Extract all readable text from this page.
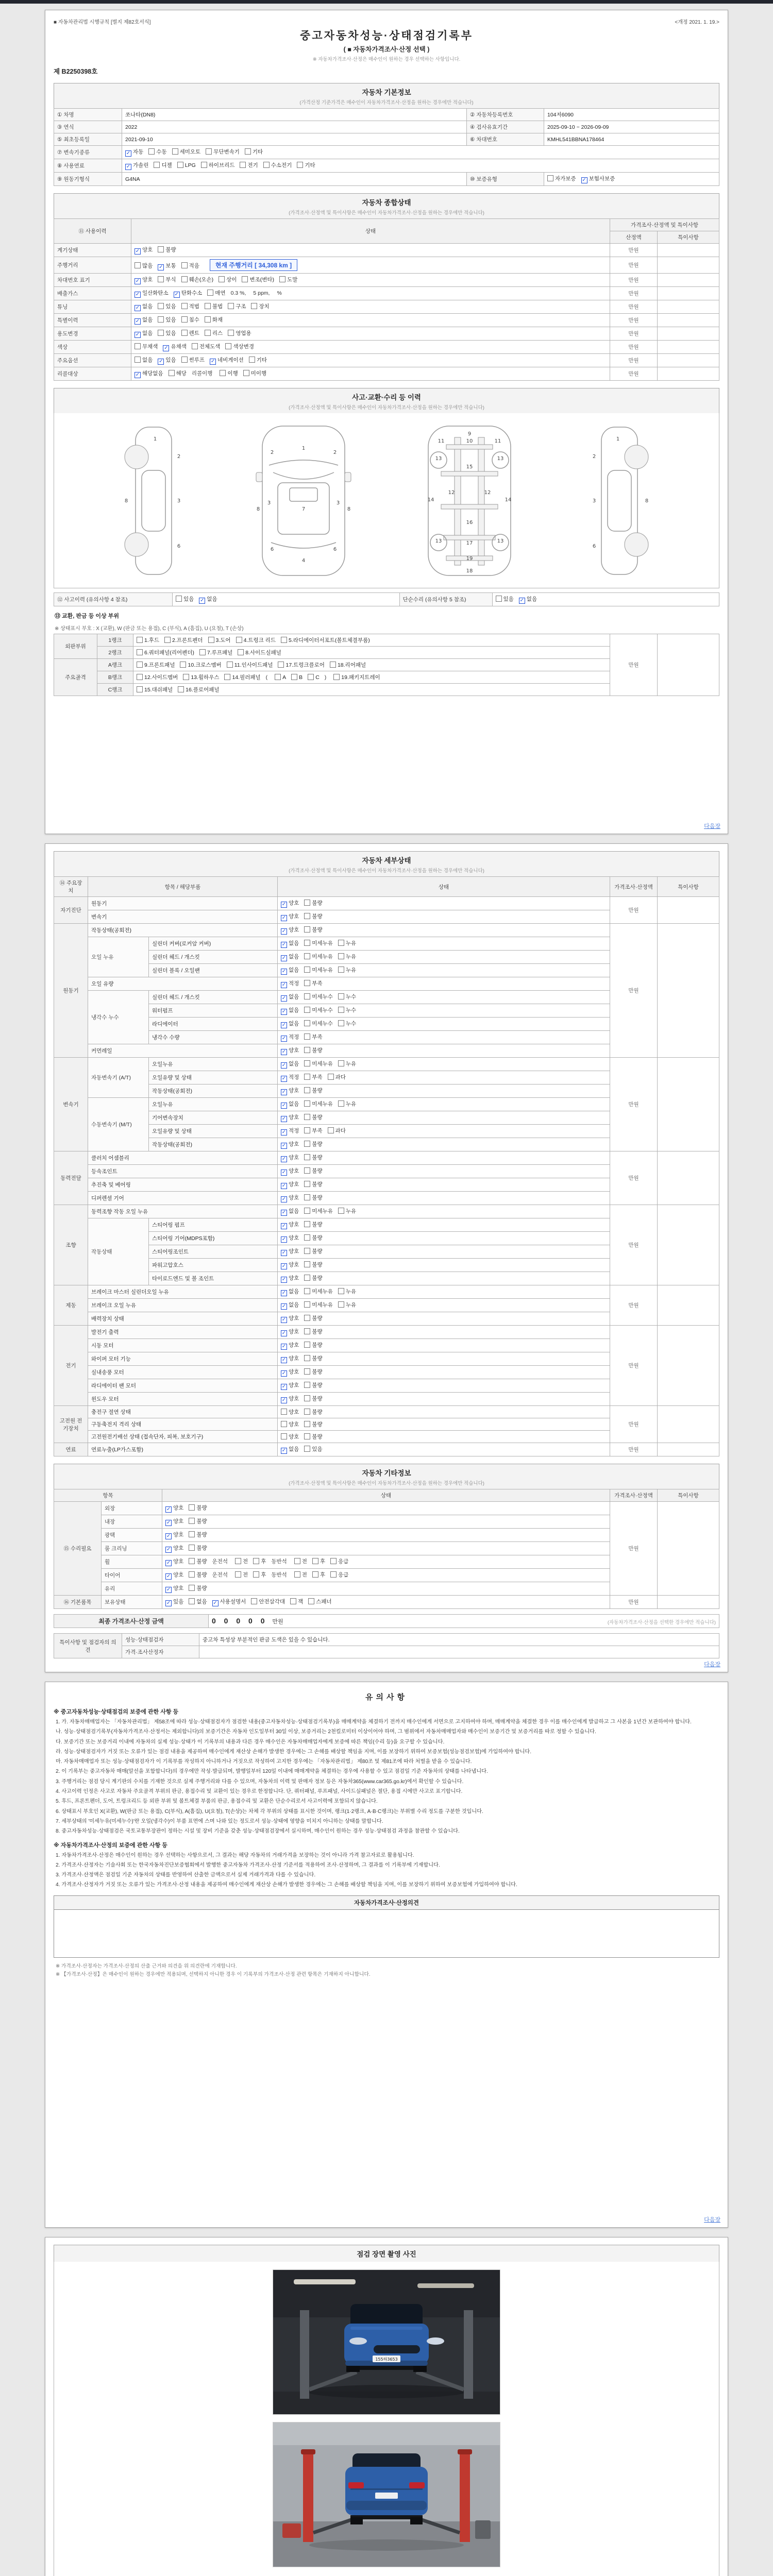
■ 자동차관리법 시행규칙 [별지 제82호서식]	<개정 2021. 1. 19.>
중고자동차성능·상태점검기록부
( ■ 자동차가격조사·산정 선택 )
※ 자동차가격조사·산정은 매수인이 원하는 경우 선택하는 사항입니다.
제 B2250398호
자동차 기본정보
(가격산정 기준가격은 매수인이 자동차가격조사·산정을 원하는 경우에만 적습니다)
① 차명	쏘나타(DN8)	② 자동차등록번호	104저6090
③ 연식	2022	④ 검사유효기간	2025-09-10 ~ 2026-09-09
⑤ 최초등록일	2021-09-10	⑥ 차대번호	KMHL541BBNA178464
⑦ 변속기종류	✓ 자동 수동 세미오토 무단변속기 기타		
⑧ 사용연료	✓ 가솔린 디젤 LPG 하이브리드 전기 수소전기 기타		
⑨ 원동기형식	G4NA	⑩ 보증유형	자가보증 ✓ 보험사보증
자동차 종합상태
(가격조사·산정액 및 특이사항은 매수인이 자동차가격조사·산정을 원하는 경우에만 적습니다)
⑪ 사용이력	상태	가격조사·산정액 및 특이사항	
		산정액	특이사항
계기상태	✓ 양호 불량	만원	
주행거리	많음 ✓ 보통 적음 현재 주행거리 [ 34,308 km ]	만원	
차대번호 표기	✓ 양호 부식 훼손(오손) 상이 변조(변타) 도말	만원	
배출가스	✓ 일산화탄소 ✓ 탄화수소 매연 0.3 %, 5 ppm, %	만원	
튜닝	✓ 없음 있음 적법 불법 구조 장치	만원	
특별이력	✓ 없음 있음 침수 화재	만원	
용도변경	✓ 없음 있음 렌트 리스 영업용	만원	
색상	무채색 ✓ 유채색 전체도색 색상변경	만원	
주요옵션	없음 ✓ 있음 썬루프 ✓ 네비게이션 기타	만원	
리콜대상	✓ 해당없음 해당 리콜이행 이행 미이행	만원	
사고·교환·수리 등 이력
(가격조사·산정액 및 특이사항은 매수인이 자동차가격조사·산정을 원하는 경우에만 적습니다)
1
2
3
6
8
1
2	2
3	3
4
6	6
7
8	8
9
10
11	11
12	12
13	13
13	13
14	14
15
16
17
18
19
1
2
3
6
8
⑫ 사고이력 (유의사항 4 참조)	있음 ✓ 없음	단순수리 (유의사항 5 참조)	있음 ✓ 없음
⑬ 교환, 판금 등 이상 부위
※ 상태표시 부호 : X (교환), W (판금 또는 용접), C (부식), A (흠집), U (요철), T (손상)
외판부위	1랭크	1.후드 2.프론트펜더 3.도어 4.트렁크 리드 5.라디에이터서포트(볼트체결부품)	만원	
	2랭크	6.쿼터패널(리어펜더) 7.루프패널 8.사이드실패널		
주요골격	A랭크	9.프론트패널 10.크로스멤버 11.인사이드패널 17.트렁크플로어 18.리어패널		
	B랭크	12.사이드멤버 13.휠하우스 14.필러패널 ( A B C ) 19.패키지트레이		
	C랭크	15.대쉬패널 16.플로어패널		
다음장
자동차 세부상태
(가격조사·산정액 및 특이사항은 매수인이 자동차가격조사·산정을 원하는 경우에만 적습니다)
⑭ 주요장치	항목 / 해당부품		상태	가격조사·산정액	특이사항
자기진단	원동기		✓ 양호 불량	만원	
	변속기		✓ 양호 불량		
원동기	작동상태(공회전)		✓ 양호 불량	만원	
	오일 누유	실린더 커버(로커암 커버)	✓ 없음 미세누유 누유		
		실린더 헤드 / 개스킷	✓ 없음 미세누유 누유		
		실린더 블록 / 오일팬	✓ 없음 미세누유 누유		
	오일 유량		✓ 적정 부족		
	냉각수 누수	실린더 헤드 / 개스킷	✓ 없음 미세누수 누수		
		워터펌프	✓ 없음 미세누수 누수		
		라디에이터	✓ 없음 미세누수 누수		
		냉각수 수량	✓ 적정 부족		
	커먼레일		✓ 양호 불량		
변속기	자동변속기 (A/T)	오일누유	✓ 없음 미세누유 누유	만원	
		오일유량 및 상태	✓ 적정 부족 과다		
		작동상태(공회전)	✓ 양호 불량		
	수동변속기 (M/T)	오일누유	✓ 없음 미세누유 누유		
		기어변속장치	✓ 양호 불량		
		오일유량 및 상태	✓ 적정 부족 과다		
		작동상태(공회전)	✓ 양호 불량		
동력전달	클러치 어셈블리		✓ 양호 불량	만원	
	등속조인트		✓ 양호 불량		
	추진축 및 베어링		✓ 양호 불량		
	디퍼렌셜 기어		✓ 양호 불량		
조향	동력조향 작동 오일 누유		✓ 없음 미세누유 누유	만원	
	작동상태	스티어링 펌프	✓ 양호 불량		
		스티어링 기어(MDPS포함)	✓ 양호 불량		
		스티어링조인트	✓ 양호 불량		
		파워고압호스	✓ 양호 불량		
		타이로드엔드 및 볼 조인트	✓ 양호 불량		
제동	브레이크 마스터 실린더오일 누유		✓ 없음 미세누유 누유	만원	
	브레이크 오일 누유		✓ 없음 미세누유 누유		
	배력장치 상태		✓ 양호 불량		
전기	발전기 출력		✓ 양호 불량	만원	
	시동 모터		✓ 양호 불량		
	와이퍼 모터 기능		✓ 양호 불량		
	실내송풍 모터		✓ 양호 불량		
	라디에이터 팬 모터		✓ 양호 불량		
	윈도우 모터		✓ 양호 불량		
고전원 전기장치	충전구 절연 상태		양호 불량	만원	
	구동축전지 격리 상태		양호 불량		
	고전원전기배선 상태 (접속단자, 피복, 보호기구)		양호 불량		
연료	연료누출(LP가스포함)		✓ 없음 있음	만원	
자동차 기타정보
(가격조사·산정액 및 특이사항은 매수인이 자동차가격조사·산정을 원하는 경우에만 적습니다)
항목		상태	가격조사·산정액	특이사항
⑮ 수리필요	외장	✓ 양호 불량	만원	
	내장	✓ 양호 불량		
	광택	✓ 양호 불량		
	룸 크리닝	✓ 양호 불량		
	휠	✓ 양호 불량 운전석 전 후 동반석 전 후 응급		
	타이어	✓ 양호 불량 운전석 전 후 동반석 전 후 응급		
	유리	✓ 양호 불량		
⑯ 기본품목	보유상태	✓ 있음 없음 ✓ 사용설명서 안전삼각대 잭 스패너	만원	
최종 가격조사·산정 금액	0 0 0 0 0 만원	(자동차가격조사·산정을 선택한 경우에만 적습니다)
특이사항 및 점검자의 의견	성능·상태점검자	중고차 특성상 부분적인 판금 도색은 있을 수 있습니다.
	가격·조사산정자	
다음장
유의사항
※ 중고자동차성능·상태점검의 보증에 관한 사항 등

1. 가. 자동차매매업자는 「자동차관리법」 제58조에 따라 성능·상태점검자가 점검한 내용(중고자동차성능·상태점검기록부)을 매매계약을 체결하기 전까지 매수인에게 서면으로 고지하여야 하며, 매매계약을 체결한 경우 이를 매수인에게 발급하고 그 사본을 1년간 보관하여야 합니다.

나. 성능·상태점검기록부(자동차가격조사·산정서는 제외합니다)의 보증기간은 자동차 인도일부터 30일 이상, 보증거리는 2천킬로미터 이상이어야 하며, 그 범위에서 자동차매매업자와 매수인이 보증기간 및 보증거리를 따로 정할 수 있습니다.

다. 보증기간 또는 보증거리 이내에 자동차의 실제 성능·상태가 이 기록부의 내용과 다른 경우 매수인은 자동차매매업자에게 보증에 따른 책임(수리 등)을 요구할 수 있습니다.

라. 성능·상태점검자가 거짓 또는 오류가 있는 점검 내용을 제공하여 매수인에게 재산상 손해가 발생한 경우에는 그 손해를 배상할 책임을 지며, 이를 보장하기 위하여 보증보험(성능점검보험)에 가입하여야 합니다.

마. 자동차매매업자 또는 성능·상태점검자가 이 기록부를 작성하지 아니하거나 거짓으로 작성하여 고지한 경우에는 「자동차관리법」 제80조 및 제81조에 따라 처벌을 받을 수 있습니다.

2. 이 기록부는 중고자동차 매매(알선을 포함합니다)의 경우에만 작성·발급되며, 발행일부터 120일 이내에 매매계약을 체결하는 경우에 사용할 수 있고 점검일 기준 자동차의 상태를 나타냅니다.

3. 주행거리는 점검 당시 계기판의 수치를 기재한 것으로 실제 주행거리와 다를 수 있으며, 자동차의 이력 및 판매자 정보 등은 자동차365(www.car365.go.kr)에서 확인할 수 있습니다.

4. 사고이력 인정은 사고로 자동차 주요골격 부위의 판금, 용접수리 및 교환이 있는 경우로 한정합니다. 단, 쿼터패널, 루프패널, 사이드실패널은 절단, 용접 시에만 사고로 표기합니다.

5. 후드, 프론트펜더, 도어, 트렁크리드 등 외판 부위 및 볼트체결 부품의 판금, 용접수리 및 교환은 단순수리로서 사고이력에 포함되지 않습니다.

6. 상태표시 부호인 X(교환), W(판금 또는 용접), C(부식), A(흠집), U(요철), T(손상)는 차체 각 부위의 상태를 표시한 것이며, 랭크(1·2랭크, A·B·C랭크)는 부위별 수리 정도를 구분한 것입니다.

7. 세부상태의 '미세누유(미세누수)'란 오일(냉각수)이 부품 표면에 스며 나와 있는 정도로서 성능·상태에 영향을 미치지 아니하는 상태를 말합니다.

8. 중고자동차성능·상태점검은 국토교통부장관이 정하는 시설 및 장비 기준을 갖춘 성능·상태점검장에서 실시하며, 매수인이 원하는 경우 성능·상태점검 과정을 참관할 수 있습니다.

※ 자동차가격조사·산정의 보증에 관한 사항 등

1. 자동차가격조사·산정은 매수인이 원하는 경우 선택하는 사항으로서, 그 결과는 해당 자동차의 거래가격을 보장하는 것이 아니라 가격 참고자료로 활용됩니다.

2. 가격조사·산정자는 기술사회 또는 한국자동차진단보증협회에서 발행한 중고자동차 가격조사·산정 기준서를 적용하여 조사·산정하며, 그 결과를 이 기록부에 기재합니다.

3. 가격조사·산정액은 점검일 기준 자동차의 상태를 반영하여 산출한 금액으로서 실제 거래가격과 다를 수 있습니다.

4. 가격조사·산정자가 거짓 또는 오류가 있는 가격조사·산정 내용을 제공하여 매수인에게 재산상 손해가 발생한 경우에는 그 손해를 배상할 책임을 지며, 이를 보장하기 위하여 보증보험에 가입하여야 합니다.

자동차가격조사·산정의견

※ 가격조사·산정자는 가격조사·산정의 산출 근거와 의견을 위 의견란에 기재합니다.

※ 【가격조사·산정】은 매수인이 원하는 경우에만 적용되며, 선택하지 아니한 경우 이 기록부의 가격조사·산정 관련 항목은 기재하지 아니합니다.

다음장
점검 장면 촬영 사진
155하3653
